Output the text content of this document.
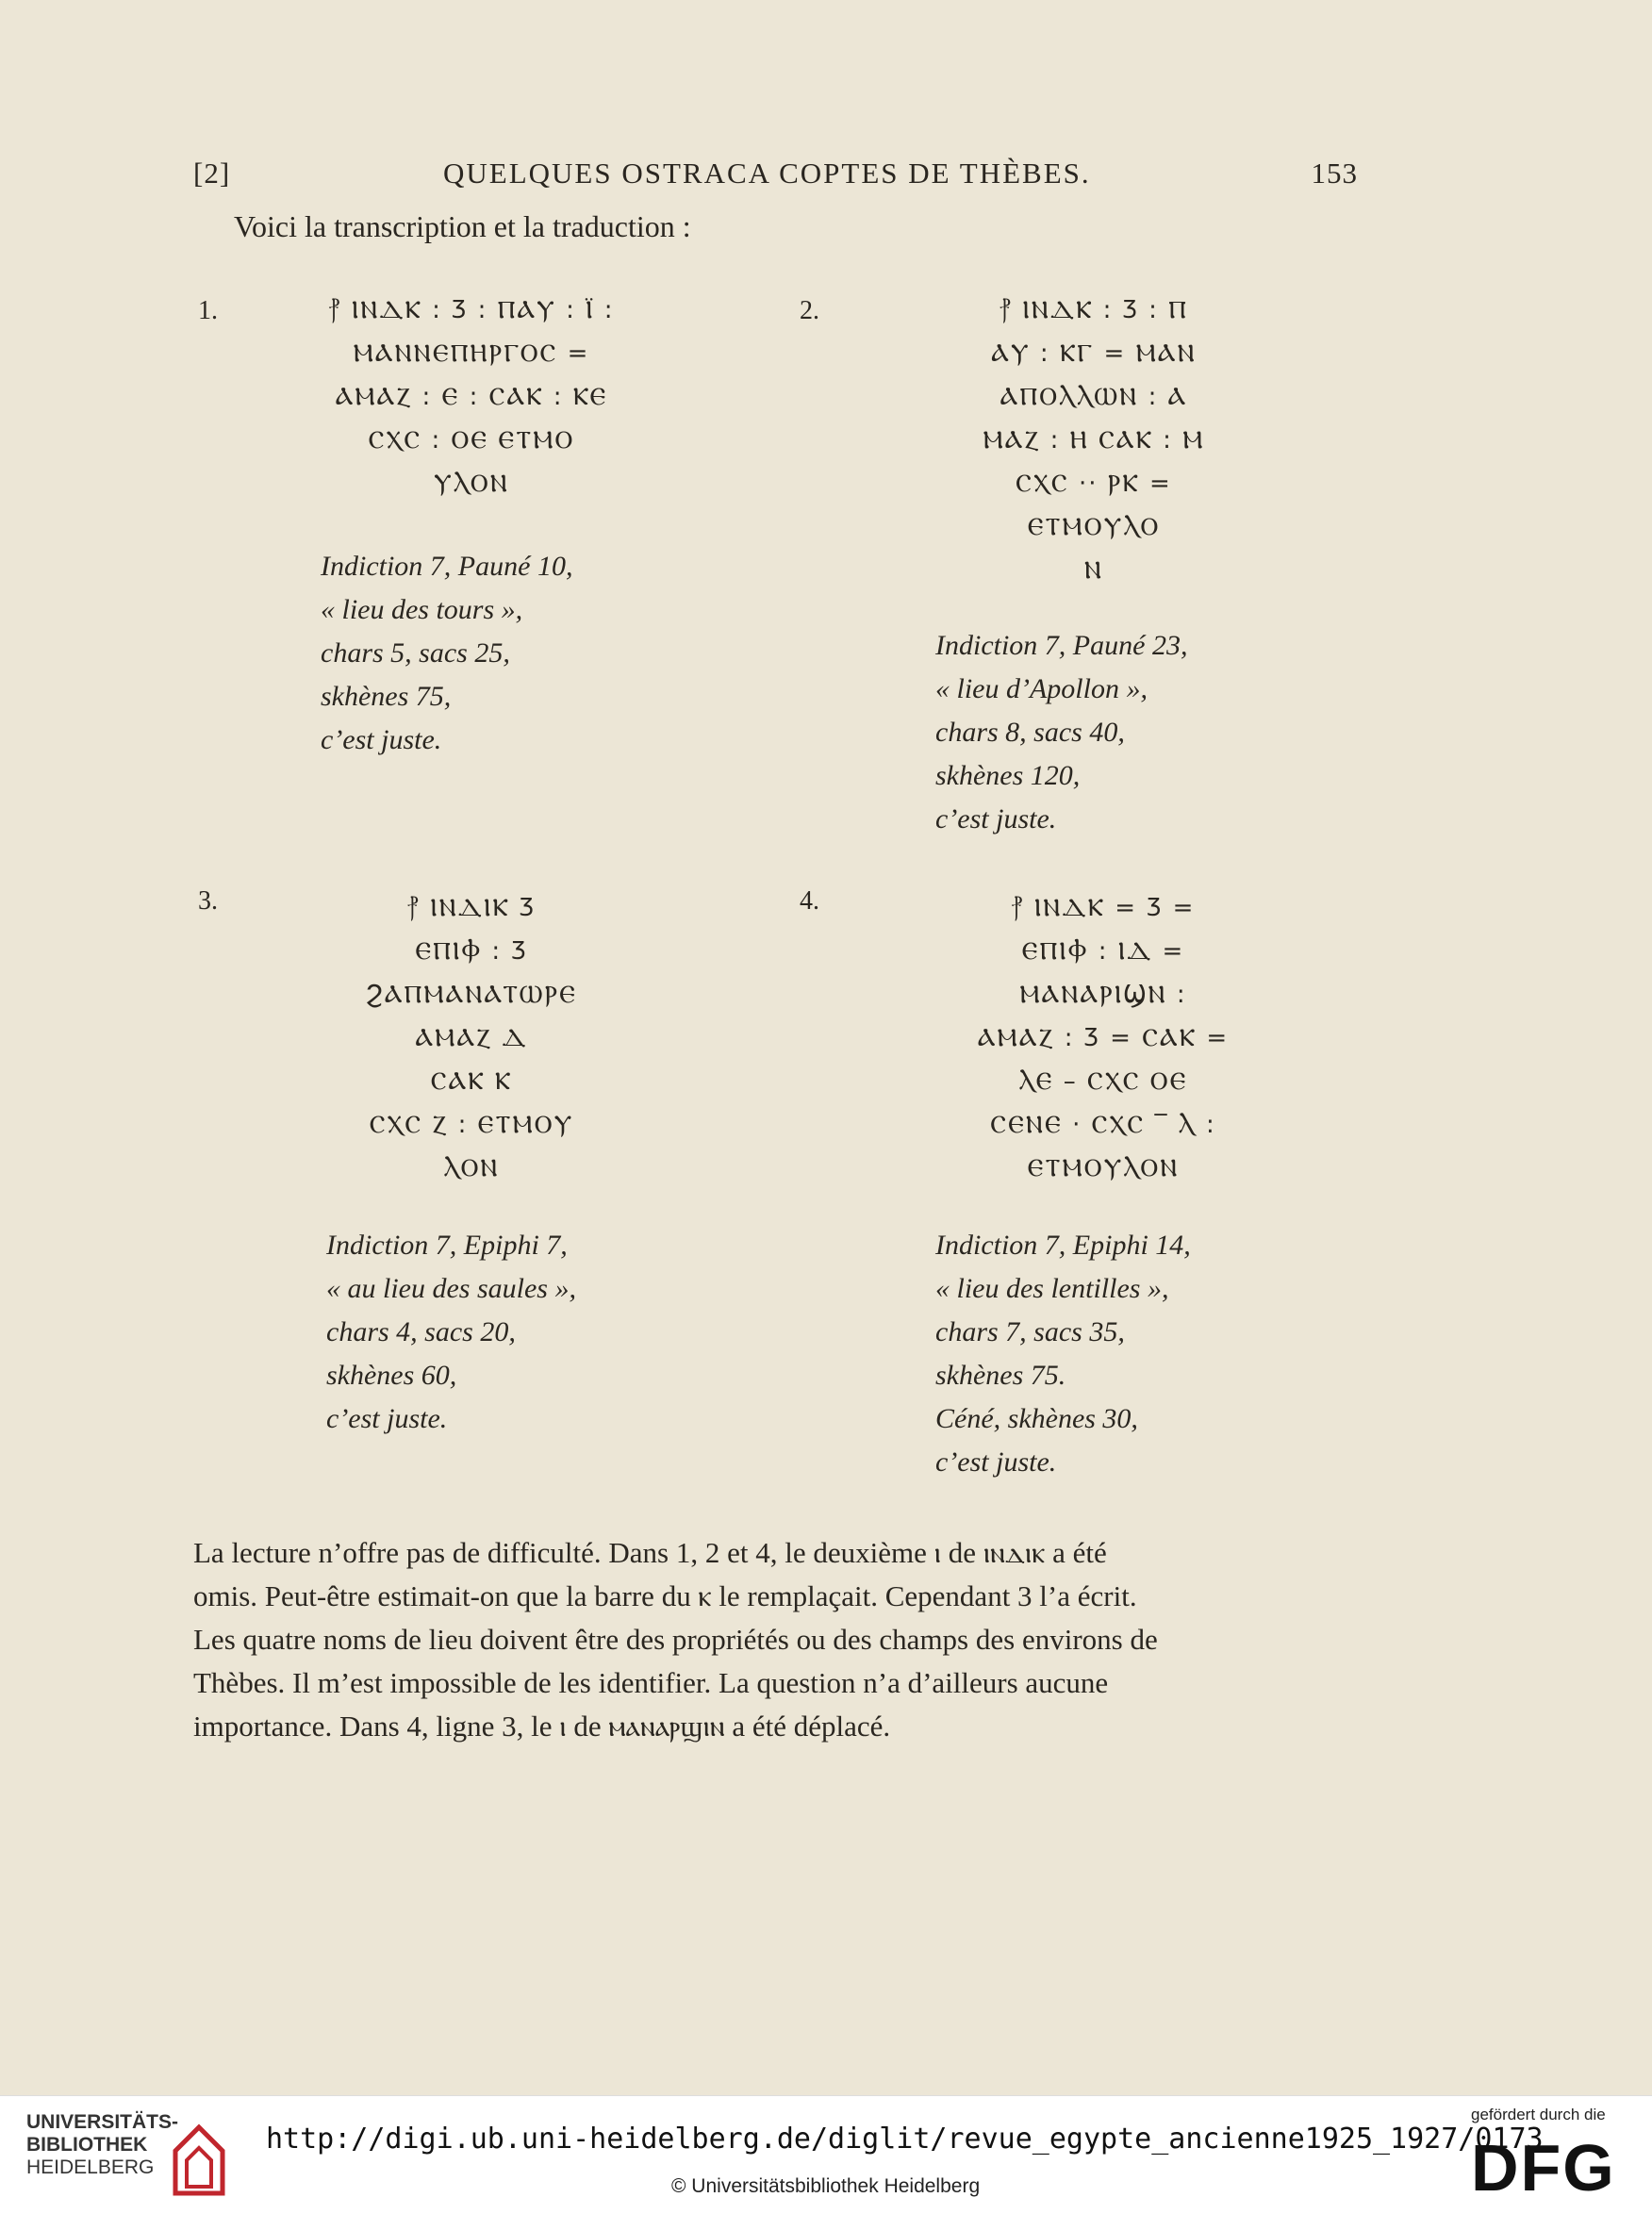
[2]	QUELQUES OSTRACA COPTES DE THÈBES.	153
Voici la transcription et la traduction :
1.	⳨ ⲒⲚⲆⲔ : Ⳅ : ⲠⲀⲨ : Ⲓ̈ :
ⲘⲀⲚⲚⲈⲠⲎⲢⲄⲞⲤ =
ⲀⲘⲀⲌ : Ⲉ : ⲤⲀⲔ : ⲔⲈ
ⲤⲬⲤ : ⲞⲈ ⲈⲦⲘⲞ
ⲨⲖⲞⲚ
Indiction 7, Pauné 10,
« lieu des tours »,
chars 5, sacs 25,
skhènes 75,
c’est juste.
2.	⳨ ⲒⲚⲆⲔ : Ⳅ : Ⲡ
ⲀⲨ : ⲔⲄ = ⲘⲀⲚ
ⲀⲠⲞⲖⲖⲰⲚ : Ⲁ
ⲘⲀⲌ : Ⲏ ⲤⲀⲔ : Ⲙ
ⲤⲬⲤ ·· ⲢⲔ =
ⲈⲦⲘⲞⲨⲖⲞ
Ⲛ
Indiction 7, Pauné 23,
« lieu d’Apollon »,
chars 8, sacs 40,
skhènes 120,
c’est juste.
3.	⳨ ⲒⲚⲆⲒⲔ Ⳅ
ⲈⲠⲒⲪ : Ⳅ
ϨⲀⲠⲘⲀⲚⲀⲦⲰⲢⲈ
ⲀⲘⲀⲌ Ⲇ
ⲤⲀⲔ Ⲕ
ⲤⲬⲤ Ⲍ : ⲈⲦⲘⲞⲨ
ⲖⲞⲚ
Indiction 7, Epiphi 7,
« au lieu des saules »,
chars 4, sacs 20,
skhènes 60,
c’est juste.
4.	⳨ ⲒⲚⲆⲔ = Ⳅ =
ⲈⲠⲒⲪ : ⲒⲆ =
ⲘⲀⲚⲀⲢⲒϢⲚ :
ⲀⲘⲀⲌ : Ⳅ = ⲤⲀⲔ =
ⲖⲈ – ⲤⲬⲤ ⲞⲈ
ⲤⲈⲚⲈ · ⲤⲬⲤ ‾ Ⲗ :
ⲈⲦⲘⲞⲨⲖⲞⲚ
Indiction 7, Epiphi 14,
« lieu des lentilles »,
chars 7, sacs 35,
skhènes 75.
Céné, skhènes 30,
c’est juste.
La lecture n’offre pas de difficulté. Dans 1, 2 et 4, le deuxième ⲓ de ⲓⲛⲇⲓⲕ a été
omis. Peut-être estimait-on que la barre du ⲕ le remplaçait. Cependant 3 l’a écrit.
Les quatre noms de lieu doivent être des propriétés ou des champs des environs de
Thèbes. Il m’est impossible de les identifier. La question n’a d’ailleurs aucune
importance. Dans 4, ligne 3, le ⲓ de ⲙⲁⲛⲁⲣϣⲓⲛ a été déplacé.
UNIVERSITÄTS-
BIBLIOTHEK
HEIDELBERG
http://digi.ub.uni-heidelberg.de/diglit/revue_egypte_ancienne1925_1927/0173
© Universitätsbibliothek Heidelberg
gefördert durch die
DFG
